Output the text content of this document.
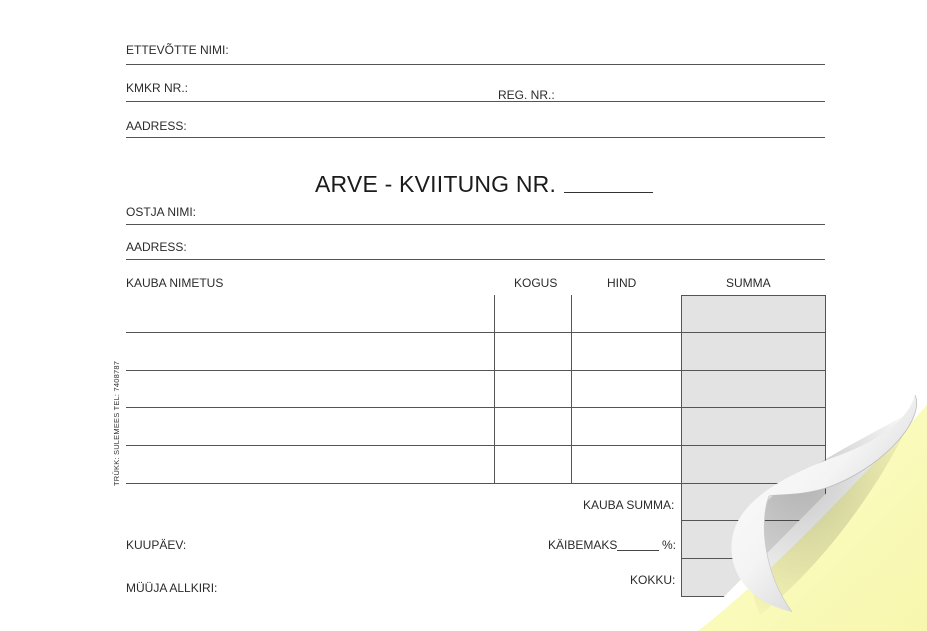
ETTEVÕTTE NIMI:
KMKR NR.:	REG. NR.:
AADRESS:
ARVE - KVIITUNG NR.
OSTJA NIMI:
AADRESS:
KAUBA NIMETUS	KOGUS	HIND	SUMMA
KAUBA SUMMA:
KÄIBEMAKS	%:
KOKKU:
KUUPÄEV:
MÜÜJA ALLKIRI:
TRÜKK: SULEMEES TEL: 7408787
